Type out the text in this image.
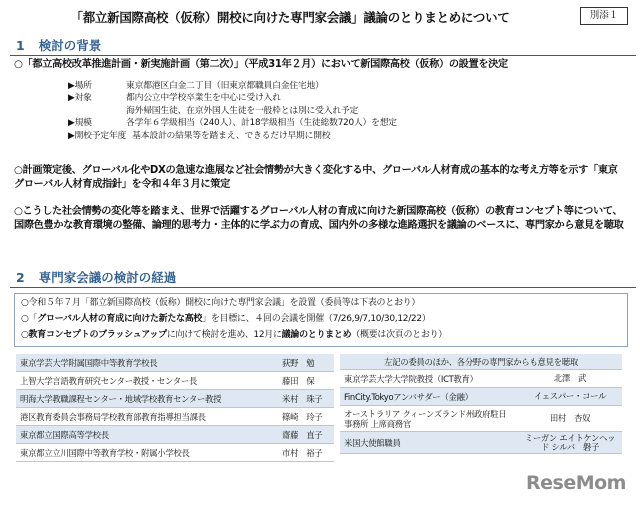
「都立新国際高校（仮称）開校に向けた専門家会議」議論のとりまとめについて	別添１
1 検討の背景
○「都立高校改革推進計画・新実施計画（第二次）」（平成31年２月）において新国際高校（仮称）の設置を決定
▶場所	東京都港区白金二丁目（旧東京都職員白金住宅地）
▶対象	都内公立中学校卒業生を中心に受け入れ
海外帰国生徒、在京外国人生徒を一般枠とは別に受入れ予定
▶規模	各学年６学級相当（240人）、計18学級相当（生徒総数720人）を想定
▶開校予定年度 基本設計の結果等を踏まえ、できるだけ早期に開校
○計画策定後、グローバル化やDXの急速な進展など社会情勢が大きく変化する中、グローバル人材育成の基本的な考え方等を示す「東京グローバル人材育成指針」を令和４年３月に策定
○こうした社会情勢の変化等を踏まえ、世界で活躍するグローバル人材の育成に向けた新国際高校（仮称）の教育コンセプト等について、国際色豊かな教育環境の整備、論理的思考力・主体的に学ぶ力の育成、国内外の多様な進路選択を議論のベースに、専門家から意見を聴取
2 専門家会議の検討の経過
○令和５年７月「都立新国際高校（仮称）開校に向けた専門家会議」を設置（委員等は下表のとおり）
○「グローバル人材の育成に向けた新たな高校」を目標に、４回の会議を開催（7/26,9/7,10/30,12/22）
○教育コンセプトのブラッシュアップに向けて検討を進め、12月に議論のとりまとめ（概要は次頁のとおり）
東京学芸大学附属国際中等教育学校長	荻野　勉
上智大学言語教育研究センター教授・センター長	藤田　保
明海大学教職課程センター・地域学校教育センター教授	米村　珠子
港区教育委員会事務局学校教育部教育指導担当課長	篠崎　玲子
東京都立国際高等学校長	齋藤　直子
東京都立立川国際中等教育学校・附属小学校長	市村　裕子
左記の委員のほか、各分野の専門家からも意見を聴取	
東京学芸大学大学院教授（ICT教育）	北澤　武
FinCity.Tokyoアンバサダー（金融）	イェスパー・コール
オーストラリア クィーンズランド州政府駐日事務所 上席商務官	田村　杏奴
米国大使館職員	ミーガン エイトケンヘッド シルバ　磐子
ReseMom
